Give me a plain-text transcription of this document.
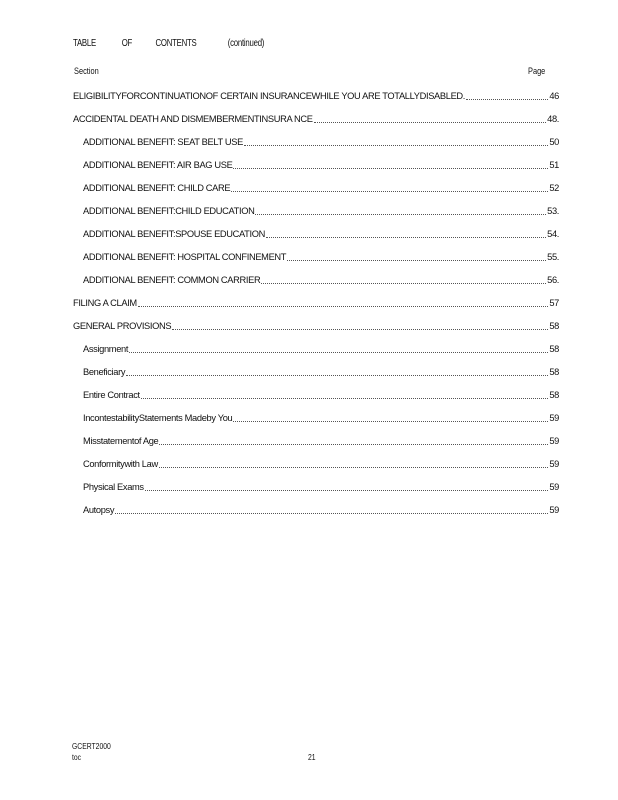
TABLE	OF CONTENTS	(continued)
Section	Page
ELIGIBILITYFORCONTINUATIONOF CERTAIN INSURANCEWHILE YOU ARE TOTALLYDISABLED.	46
ACCIDENTAL DEATH AND DISMEMBERMENTINSURA NCE	48.
ADDITIONAL BENEFIT: SEAT BELT USE	50
ADDITIONAL BENEFIT: AIR BAG USE	51
ADDITIONAL BENEFIT: CHILD CARE	52
ADDITIONAL BENEFIT:CHILD EDUCATION	53.
ADDITIONAL BENEFIT:SPOUSE EDUCATION	54.
ADDITIONAL BENEFIT: HOSPITAL CONFINEMENT	55.
ADDITIONAL BENEFIT: COMMON CARRIER	56.
FILING A CLAIM	57
GENERAL PROVISIONS	58
Assignment	58
Beneficiary	58
Entire Contract	58
IncontestabilityStatements Madeby You	59
Misstatementof Age	59
Conformitywith Law	59
Physical Exams	59
Autopsy	59
GCERT2000
toc	21
